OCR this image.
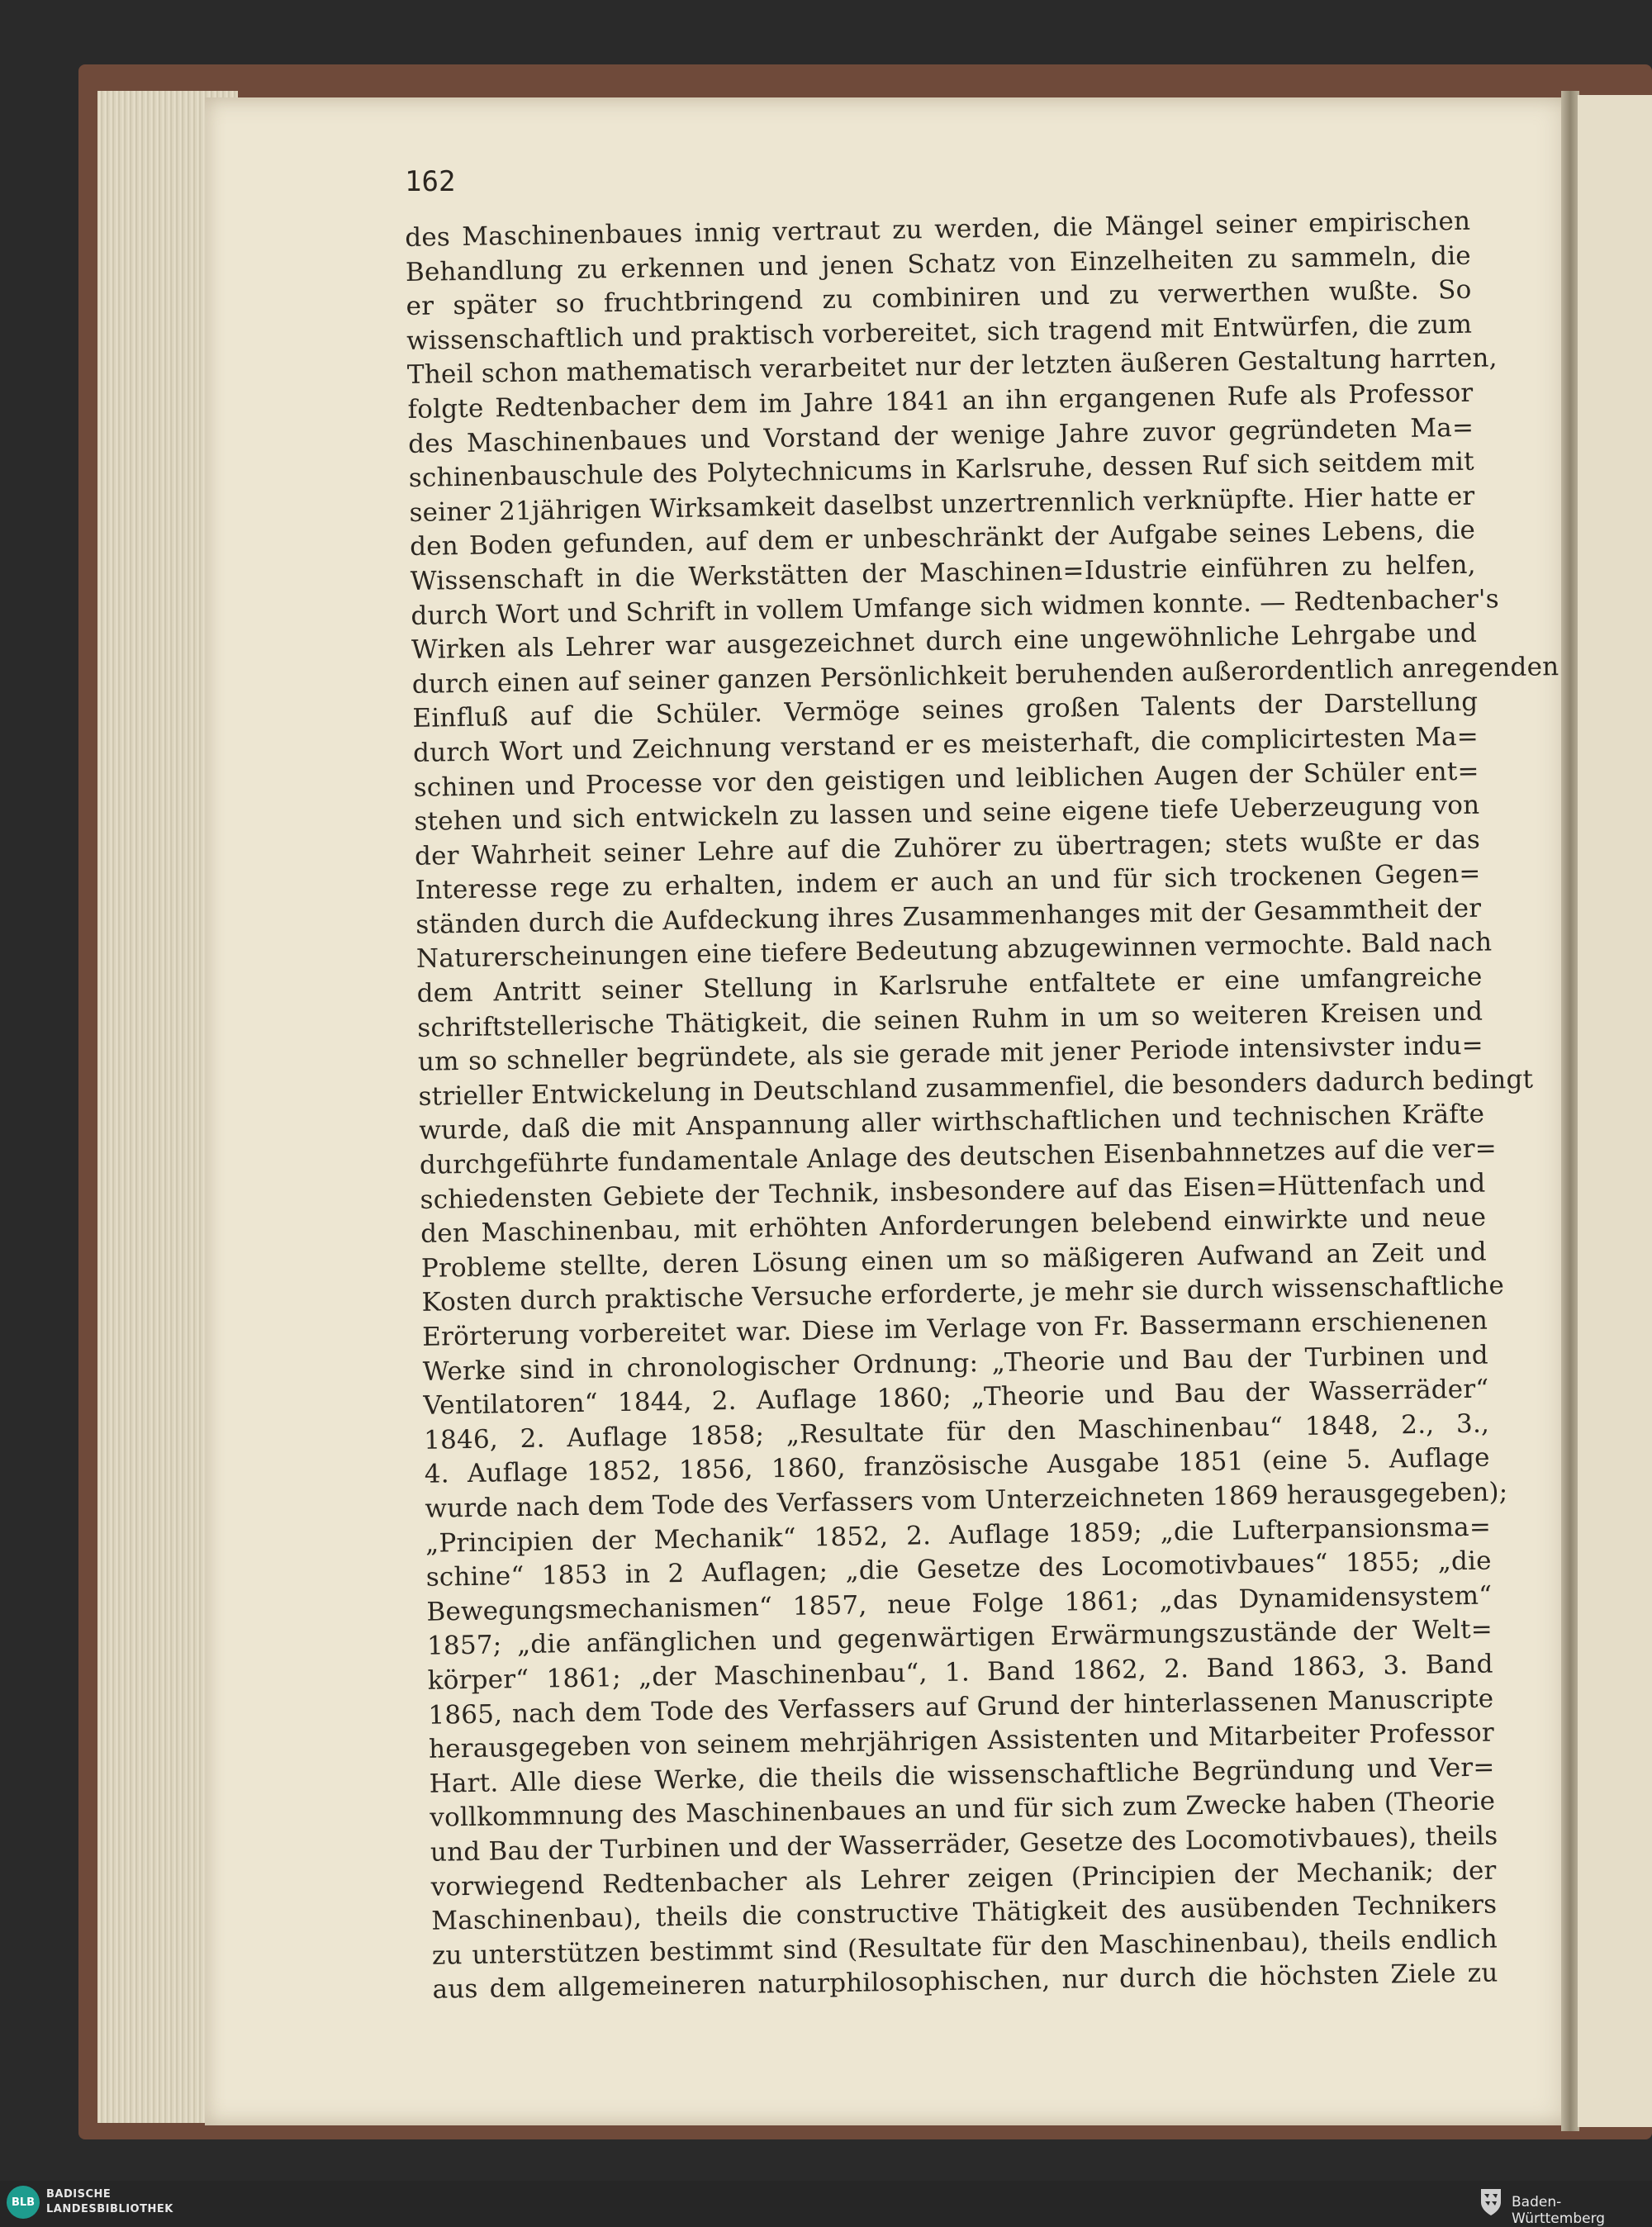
162
des Maschinenbaues innig vertraut zu werden, die Mängel seiner empirischen
Behandlung zu erkennen und jenen Schatz von Einzelheiten zu sammeln, die
er später so fruchtbringend zu combiniren und zu verwerthen wußte. So
wissenschaftlich und praktisch vorbereitet, sich tragend mit Entwürfen, die zum
Theil schon mathematisch verarbeitet nur der letzten äußeren Gestaltung harrten,
folgte Redtenbacher dem im Jahre 1841 an ihn ergangenen Rufe als Professor
des Maschinenbaues und Vorstand der wenige Jahre zuvor gegründeten Ma=
schinenbauschule des Polytechnicums in Karlsruhe, dessen Ruf sich seitdem mit
seiner 21jährigen Wirksamkeit daselbst unzertrennlich verknüpfte. Hier hatte er
den Boden gefunden, auf dem er unbeschränkt der Aufgabe seines Lebens, die
Wissenschaft in die Werkstätten der Maschinen=Idustrie einführen zu helfen,
durch Wort und Schrift in vollem Umfange sich widmen konnte. — Redtenbacher's
Wirken als Lehrer war ausgezeichnet durch eine ungewöhnliche Lehrgabe und
durch einen auf seiner ganzen Persönlichkeit beruhenden außerordentlich anregenden
Einfluß auf die Schüler. Vermöge seines großen Talents der Darstellung
durch Wort und Zeichnung verstand er es meisterhaft, die complicirtesten Ma=
schinen und Processe vor den geistigen und leiblichen Augen der Schüler ent=
stehen und sich entwickeln zu lassen und seine eigene tiefe Ueberzeugung von
der Wahrheit seiner Lehre auf die Zuhörer zu übertragen; stets wußte er das
Interesse rege zu erhalten, indem er auch an und für sich trockenen Gegen=
ständen durch die Aufdeckung ihres Zusammenhanges mit der Gesammtheit der
Naturerscheinungen eine tiefere Bedeutung abzugewinnen vermochte. Bald nach
dem Antritt seiner Stellung in Karlsruhe entfaltete er eine umfangreiche
schriftstellerische Thätigkeit, die seinen Ruhm in um so weiteren Kreisen und
um so schneller begründete, als sie gerade mit jener Periode intensivster indu=
strieller Entwickelung in Deutschland zusammenfiel, die besonders dadurch bedingt
wurde, daß die mit Anspannung aller wirthschaftlichen und technischen Kräfte
durchgeführte fundamentale Anlage des deutschen Eisenbahnnetzes auf die ver=
schiedensten Gebiete der Technik, insbesondere auf das Eisen=Hüttenfach und
den Maschinenbau, mit erhöhten Anforderungen belebend einwirkte und neue
Probleme stellte, deren Lösung einen um so mäßigeren Aufwand an Zeit und
Kosten durch praktische Versuche erforderte, je mehr sie durch wissenschaftliche
Erörterung vorbereitet war. Diese im Verlage von Fr. Bassermann erschienenen
Werke sind in chronologischer Ordnung: „Theorie und Bau der Turbinen und
Ventilatoren“ 1844, 2. Auflage 1860; „Theorie und Bau der Wasserräder“
1846, 2. Auflage 1858; „Resultate für den Maschinenbau“ 1848, 2., 3.,
4. Auflage 1852, 1856, 1860, französische Ausgabe 1851 (eine 5. Auflage
wurde nach dem Tode des Verfassers vom Unterzeichneten 1869 herausgegeben);
„Principien der Mechanik“ 1852, 2. Auflage 1859; „die Lufterpansionsma=
schine“ 1853 in 2 Auflagen; „die Gesetze des Locomotivbaues“ 1855; „die
Bewegungsmechanismen“ 1857, neue Folge 1861; „das Dynamidensystem“
1857; „die anfänglichen und gegenwärtigen Erwärmungszustände der Welt=
körper“ 1861; „der Maschinenbau“, 1. Band 1862, 2. Band 1863, 3. Band
1865, nach dem Tode des Verfassers auf Grund der hinterlassenen Manuscripte
herausgegeben von seinem mehrjährigen Assistenten und Mitarbeiter Professor
Hart. Alle diese Werke, die theils die wissenschaftliche Begründung und Ver=
vollkommnung des Maschinenbaues an und für sich zum Zwecke haben (Theorie
und Bau der Turbinen und der Wasserräder, Gesetze des Locomotivbaues), theils
vorwiegend Redtenbacher als Lehrer zeigen (Principien der Mechanik; der
Maschinenbau), theils die constructive Thätigkeit des ausübenden Technikers
zu unterstützen bestimmt sind (Resultate für den Maschinenbau), theils endlich
aus dem allgemeineren naturphilosophischen, nur durch die höchsten Ziele zu
BLB
BADISCHE
LANDESBIBLIOTHEK	Baden-Württemberg
